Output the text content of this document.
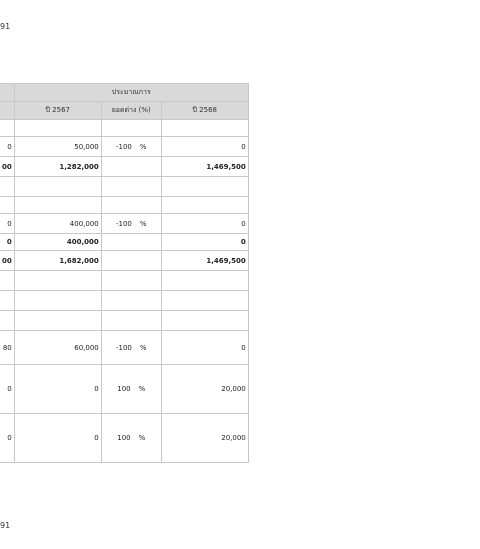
91
	ประมาณการ		
	ปี 2567	ยอดต่าง (%)	ปี 2568

0	50,000	-100 %	0
00	1,282,000		1,469,500

0	400,000	-100 %	0
0	400,000		0
00	1,682,000		1,469,500

80	60,000	-100 %	0
0	0	100 %	20,000
0	0	100 %	20,000
91
